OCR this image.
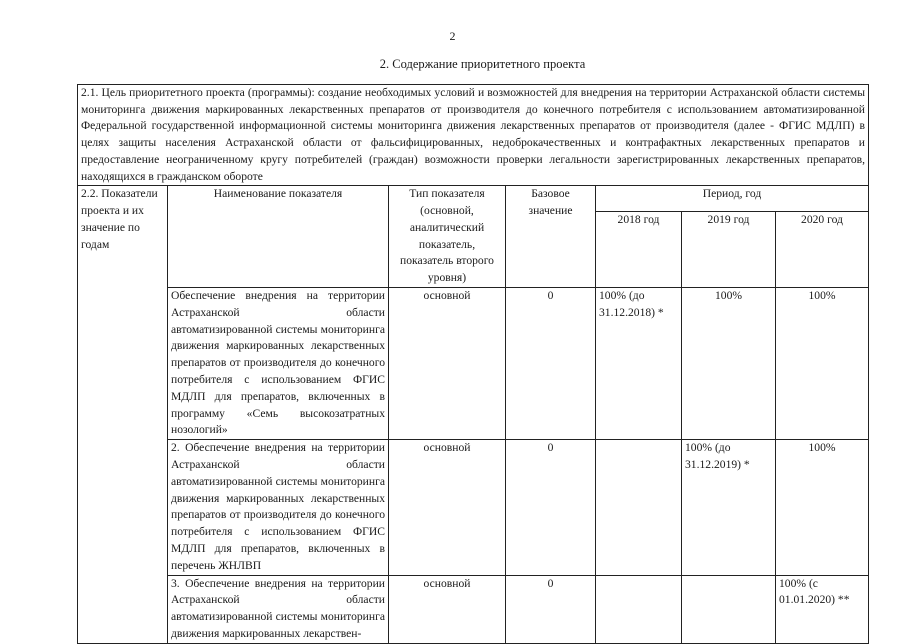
2
2. Содержание приоритетного проекта
2.1. Цель приоритетного проекта (программы): создание необходимых условий и возможностей для внедрения на территории Астраханской области системы мониторинга движения маркированных лекарственных препаратов от производителя до конечного потребителя с использованием автоматизированной Федеральной государственной информационной системы мониторинга движения лекарственных препаратов от производителя (далее - ФГИС МДЛП) в целях защиты населения Астраханской области от фальсифицированных, недоброкачественных и контрафактных лекарственных препаратов и предоставление неограниченному кругу потребителей (граждан) возможности проверки легальности зарегистрированных лекарственных препаратов, находящихся в гражданском обороте						
2.2. Показатели проекта и их значение по годам	Наименование показателя	Тип показателя (основной, аналитический показатель, показатель второго уровня)	Базовое значение	Период, год		
				2018 год	2019 год	2020 год
	Обеспечение внедрения на территории Астраханской области автоматизированной системы мониторинга движения маркированных лекарственных препаратов от производителя до конечного потребителя с использованием ФГИС МДЛП для препаратов, включенных в программу «Семь высокозатратных нозологий»	основной	0	100% (до 31.12.2018) *	100%	100%
	2. Обеспечение внедрения на территории Астраханской области автоматизированной системы мониторинга движения маркированных лекарственных препаратов от производителя до конечного потребителя с использованием ФГИС МДЛП для препаратов, включенных в перечень ЖНЛВП	основной	0		100% (до 31.12.2019) *	100%
	3. Обеспечение внедрения на территории Астраханской области автоматизированной системы мониторинга движения маркированных лекарствен-	основной	0			100% (с 01.01.2020) **
